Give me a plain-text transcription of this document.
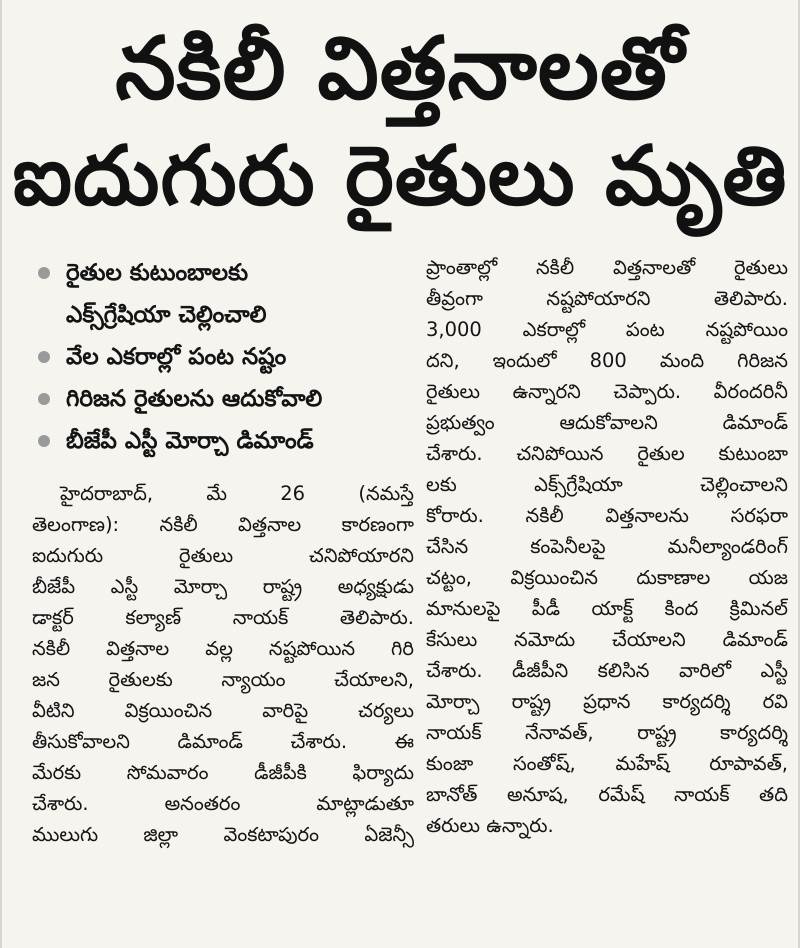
నకిలీ విత్తనాలతో
ఐదుగురు రైతులు మృతి
రైతుల కుటుంబాలకు
ఎక్స్‌గ్రేషియా చెల్లించాలి
వేల ఎకరాల్లో పంట నష్టం
గిరిజన రైతులను ఆదుకోవాలి
బీజేపీ ఎస్టీ మోర్చా డిమాండ్
హైదరాబాద్, మే 26 (నమస్తే
తెలంగాణ): నకిలీ విత్తనాల కారణంగా
ఐదుగురు రైతులు చనిపోయారని
బీజేపీ ఎస్టీ మోర్చా రాష్ట్ర అధ్యక్షుడు
డాక్టర్ కల్యాణ్ నాయక్ తెలిపారు.
నకిలీ విత్తనాల వల్ల నష్టపోయిన గిరి
జన రైతులకు న్యాయం చేయాలని,
వీటిని విక్రయించిన వారిపై చర్యలు
తీసుకోవాలని డిమాండ్ చేశారు. ఈ
మేరకు సోమవారం డీజీపీకి ఫిర్యాదు
చేశారు. అనంతరం మాట్లాడుతూ
ములుగు జిల్లా వెంకటాపురం ఏజెన్సీ
ప్రాంతాల్లో నకిలీ విత్తనాలతో రైతులు
తీవ్రంగా నష్టపోయారని తెలిపారు.
3,000 ఎకరాల్లో పంట నష్టపోయిం
దని, ఇందులో 800 మంది గిరిజన
రైతులు ఉన్నారని చెప్పారు. వీరందరినీ
ప్రభుత్వం ఆదుకోవాలని డిమాండ్
చేశారు. చనిపోయిన రైతుల కుటుంబా
లకు ఎక్స్‌గ్రేషియా చెల్లించాలని
కోరారు. నకిలీ విత్తనాలను సరఫరా
చేసిన కంపెనీలపై మనీల్యాండరింగ్
చట్టం, విక్రయించిన దుకాణాల యజ
మానులపై పీడీ యాక్ట్ కింద క్రిమినల్
కేసులు నమోదు చేయాలని డిమాండ్
చేశారు. డీజీపీని కలిసిన వారిలో ఎస్టీ
మోర్చా రాష్ట్ర ప్రధాన కార్యదర్శి రవి
నాయక్ నేనావత్, రాష్ట్ర కార్యదర్శి
కుంజా సంతోష్, మహేష్ రూపావత్,
బానోత్ అనూష, రమేష్ నాయక్ తది
తరులు ఉన్నారు.
